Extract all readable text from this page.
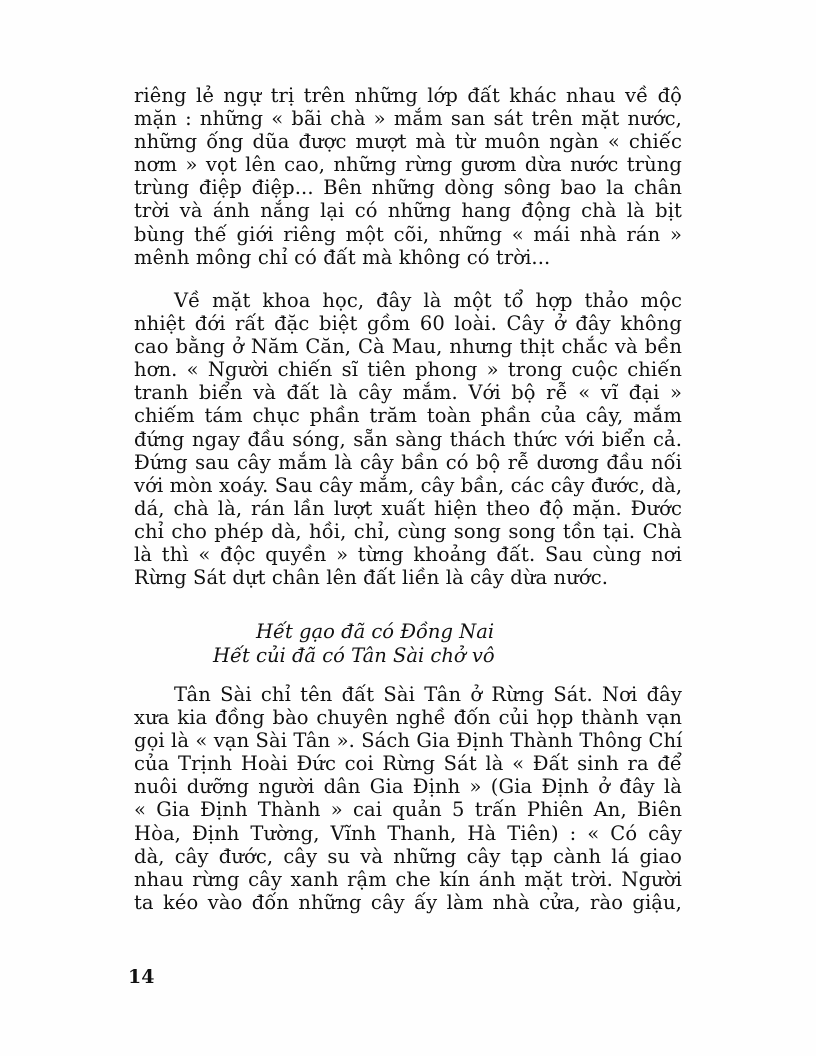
riêng lẻ ngự trị trên những lớp đất khác nhau về độ
mặn : những « bãi chà » mắm san sát trên mặt nước,
những ống dũa được mượt mà từ muôn ngàn « chiếc
nơm » vọt lên cao, những rừng gươm dừa nước trùng
trùng điệp điệp... Bên những dòng sông bao la chân
trời và ánh nắng lại có những hang động chà là bịt
bùng thế giới riêng một cõi, những « mái nhà rán »
mênh mông chỉ có đất mà không có trời...
Về mặt khoa học, đây là một tổ hợp thảo mộc
nhiệt đới rất đặc biệt gồm 60 loài. Cây ở đây không
cao bằng ở Năm Căn, Cà Mau, nhưng thịt chắc và bền
hơn. « Người chiến sĩ tiên phong » trong cuộc chiến
tranh biển và đất là cây mắm. Với bộ rễ « vĩ đại »
chiếm tám chục phần trăm toàn phần của cây, mắm
đứng ngay đầu sóng, sẵn sàng thách thức với biển cả.
Đứng sau cây mắm là cây bần có bộ rễ dương đầu nối
với mòn xoáy. Sau cây mắm, cây bần, các cây đước, dà,
dá, chà là, rán lần lượt xuất hiện theo độ mặn. Đước
chỉ cho phép dà, hồi, chỉ, cùng song song tồn tại. Chà
là thì « độc quyền » từng khoảng đất. Sau cùng nơi
Rừng Sát dựt chân lên đất liền là cây dừa nước.
Hết gạo đã có Đồng Nai
Hết củi đã có Tân Sài chở vô
Tân Sài chỉ tên đất Sài Tân ở Rừng Sát. Nơi đây
xưa kia đồng bào chuyên nghề đốn củi họp thành vạn
gọi là « vạn Sài Tân ». Sách Gia Định Thành Thông Chí
của Trịnh Hoài Đức coi Rừng Sát là « Đất sinh ra để
nuôi dưỡng người dân Gia Định » (Gia Định ở đây là
« Gia Định Thành » cai quản 5 trấn Phiên An, Biên
Hòa, Định Tường, Vĩnh Thanh, Hà Tiên) : « Có cây
dà, cây đước, cây su và những cây tạp cành lá giao
nhau rừng cây xanh rậm che kín ánh mặt trời. Người
ta kéo vào đốn những cây ấy làm nhà cửa, rào giậu,
14
